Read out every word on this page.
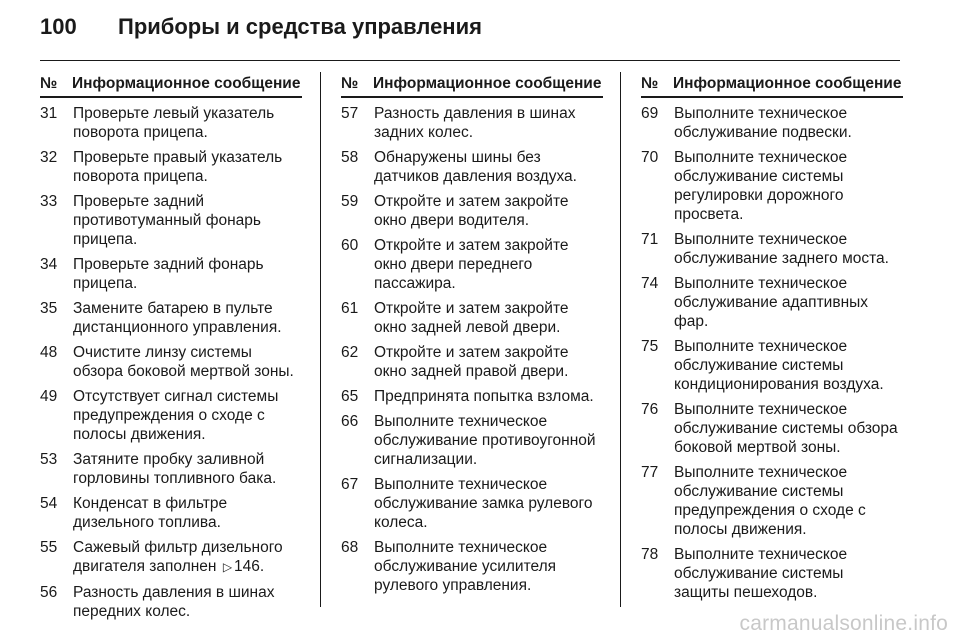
100	Приборы и средства управления
№ Информационное сообщение
31	Проверьте левый указатель поворота прицепа.
32	Проверьте правый указатель поворота прицепа.
33	Проверьте задний противотуманный фонарь прицепа.
34	Проверьте задний фонарь прицепа.
35	Замените батарею в пульте дистанционного управления.
48	Очистите линзу системы обзора боковой мертвой зоны.
49	Отсутствует сигнал системы предупреждения о сходе с полосы движения.
53	Затяните пробку заливной горловины топливного бака.
54	Конденсат в фильтре дизельного топлива.
55	Сажевый фильтр дизельного двигателя заполнен ▷ 146.
56	Разность давления в шинах передних колес.
№ Информационное сообщение
57	Разность давления в шинах задних колес.
58	Обнаружены шины без датчиков давления воздуха.
59	Откройте и затем закройте окно двери водителя.
60	Откройте и затем закройте окно двери переднего пассажира.
61	Откройте и затем закройте окно задней левой двери.
62	Откройте и затем закройте окно задней правой двери.
65	Предпринята попытка взлома.
66	Выполните техническое обслуживание противоугонной сигнализации.
67	Выполните техническое обслуживание замка рулевого колеса.
68	Выполните техническое обслуживание усилителя рулевого управления.
№ Информационное сообщение
69	Выполните техническое обслуживание подвески.
70	Выполните техническое обслуживание системы регулировки дорожного просвета.
71	Выполните техническое обслуживание заднего моста.
74	Выполните техническое обслуживание адаптивных фар.
75	Выполните техническое обслуживание системы кондиционирования воздуха.
76	Выполните техническое обслуживание системы обзора боковой мертвой зоны.
77	Выполните техническое обслуживание системы предупреждения о сходе с полосы движения.
78	Выполните техническое обслуживание системы защиты пешеходов.
carmanualsonline.info
